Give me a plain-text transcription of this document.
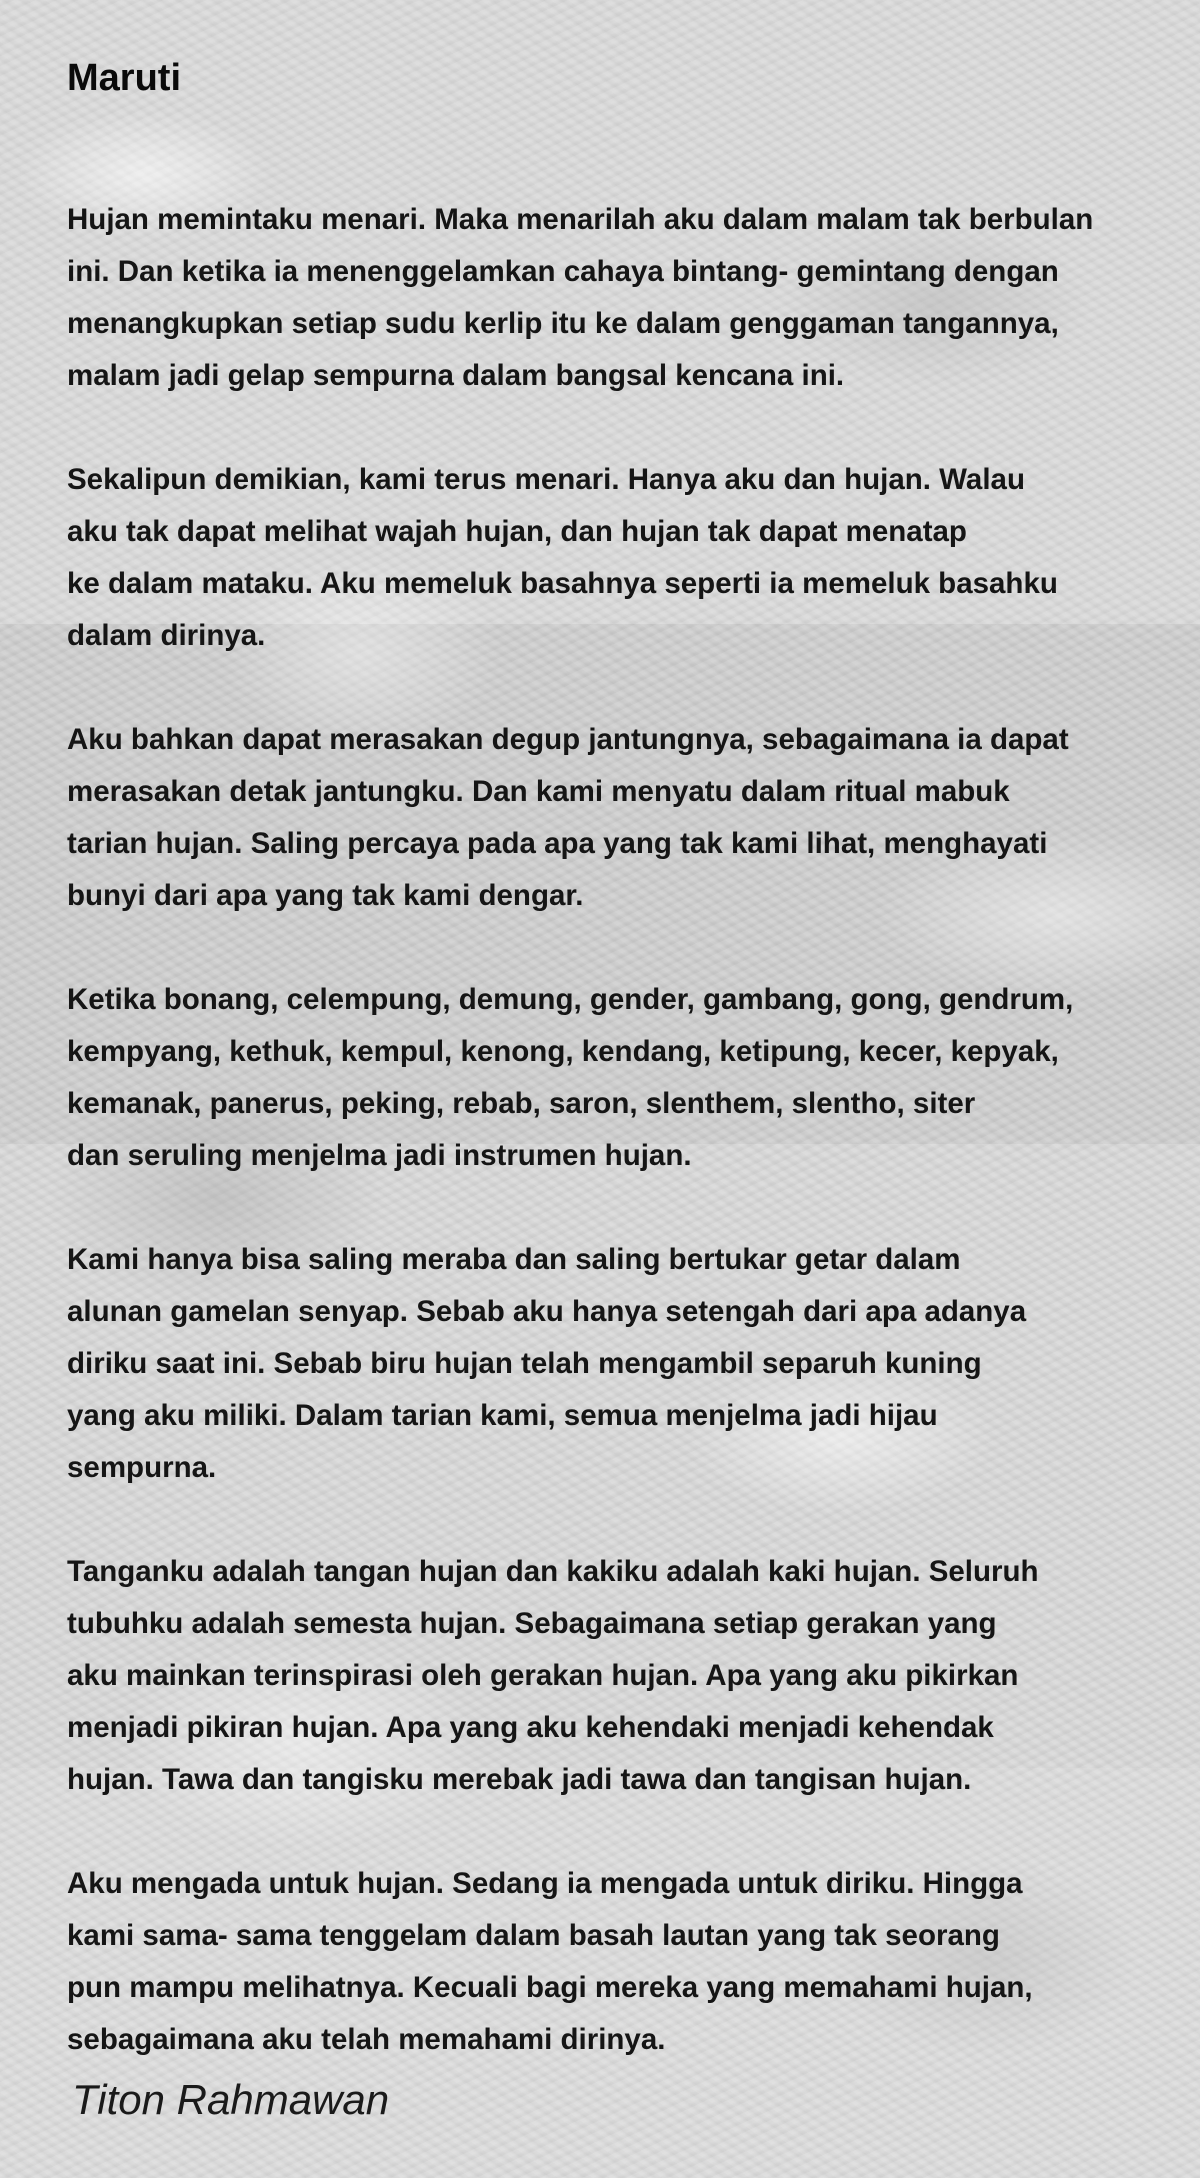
Maruti

Hujan memintaku menari. Maka menarilah aku dalam malam tak berbulan
ini. Dan ketika ia menenggelamkan cahaya bintang- gemintang dengan
menangkupkan setiap sudu kerlip itu ke dalam genggaman tangannya,
malam jadi gelap sempurna dalam bangsal kencana ini.

Sekalipun demikian, kami terus menari. Hanya aku dan hujan. Walau
aku tak dapat melihat wajah hujan, dan hujan tak dapat menatap
ke dalam mataku. Aku memeluk basahnya seperti ia memeluk basahku
dalam dirinya.

Aku bahkan dapat merasakan degup jantungnya, sebagaimana ia dapat
merasakan detak jantungku. Dan kami menyatu dalam ritual mabuk
tarian hujan. Saling percaya pada apa yang tak kami lihat, menghayati
bunyi dari apa yang tak kami dengar.

Ketika bonang, celempung, demung, gender, gambang, gong, gendrum,
kempyang, kethuk, kempul, kenong, kendang, ketipung, kecer, kepyak,
kemanak, panerus, peking, rebab, saron, slenthem, slentho, siter
dan seruling menjelma jadi instrumen hujan.

Kami hanya bisa saling meraba dan saling bertukar getar dalam
alunan gamelan senyap. Sebab aku hanya setengah dari apa adanya
diriku saat ini. Sebab biru hujan telah mengambil separuh kuning
yang aku miliki. Dalam tarian kami, semua menjelma jadi hijau
sempurna.

Tanganku adalah tangan hujan dan kakiku adalah kaki hujan. Seluruh
tubuhku adalah semesta hujan. Sebagaimana setiap gerakan yang
aku mainkan terinspirasi oleh gerakan hujan. Apa yang aku pikirkan
menjadi pikiran hujan. Apa yang aku kehendaki menjadi kehendak
hujan. Tawa dan tangisku merebak jadi tawa dan tangisan hujan.

Aku mengada untuk hujan. Sedang ia mengada untuk diriku. Hingga
kami sama- sama tenggelam dalam basah lautan yang tak seorang
pun mampu melihatnya. Kecuali bagi mereka yang memahami hujan,
sebagaimana aku telah memahami dirinya.

Titon Rahmawan
